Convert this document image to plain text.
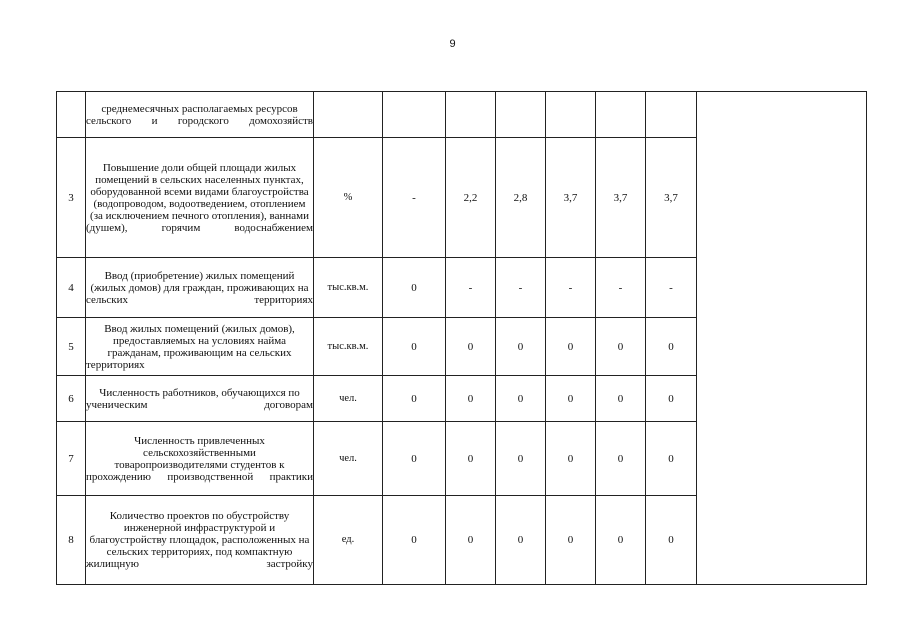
9
	среднемесячных располагаемых ресурсов сельского и городского домохозяйств								
3	Повышение доли общей площади жилых помещений в сельских населенных пунктах, оборудованной всеми видами благоустройства (водопроводом, водоотведением, отоплением (за исключением печного отопления), ваннами (душем), горячим водоснабжением	%	-	2,2	2,8	3,7	3,7	3,7	
4	Ввод (приобретение) жилых помещений (жилых домов) для граждан, проживающих на сельских территориях	тыс.кв.м.	0	-	-	-	-	-	
5	Ввод жилых помещений (жилых домов), предоставляемых на условиях найма гражданам, проживающим на сельских территориях	тыс.кв.м.	0	0	0	0	0	0	
6	Численность работников, обучающихся по ученическим договорам	чел.	0	0	0	0	0	0	
7	Численность привлеченных сельскохозяйственными товаропроизводителями студентов к прохождению производственной практики	чел.	0	0	0	0	0	0	
8	Количество проектов по обустройству инженерной инфраструктурой и благоустройству площадок, расположенных на сельских территориях, под компактную жилищную застройку	ед.	0	0	0	0	0	0	
